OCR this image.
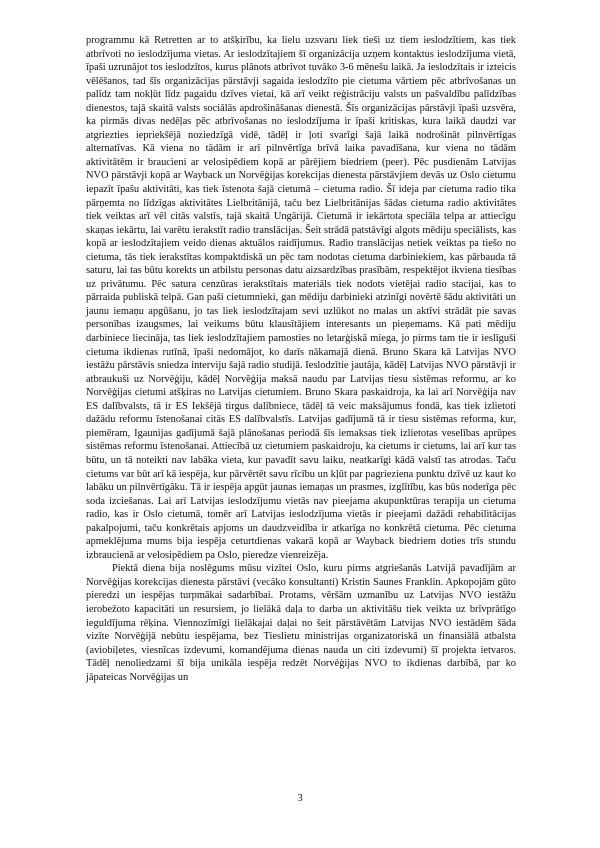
programmu kā Retretten ar to atšķirību, ka lielu uzsvaru liek tieši uz tiem ieslodzītiem, kas tiek atbrīvoti no ieslodzījuma vietas. Ar ieslodzītajiem šī organizācija uzņem kontaktus ieslodzījuma vietā, īpaši uzrunājot tos ieslodzītos, kurus plānots atbrīvot tuvāko 3-6 mēnešu laikā. Ja ieslodzītais ir izteicis vēlēšanos, tad šīs organizācijas pārstāvji sagaida ieslodzīto pie cietuma vārtiem pēc atbrīvošanas un palīdz tam nokļūt līdz pagaidu dzīves vietai, kā arī veikt reģistrāciju valsts un pašvaldību palīdzības dienestos, tajā skaitā valsts sociālās apdrošināšanas dienestā. Šīs organizācijas pārstāvji īpaši uzsvēra, ka pirmās divas nedēļas pēc atbrīvošanas no ieslodzījuma ir īpaši kritiskas, kura laikā daudzi var atgriezties iepriekšējā noziedzīgā vidē, tādēļ ir ļoti svarīgi šajā laikā nodrošināt pilnvērtīgas alternatīvas. Kā viena no tādām ir arī pilnvērtīga brīvā laika pavadīšana, kur viena no tādām aktivitātēm ir braucieni ar velosipēdiem kopā ar pārējiem biedriem (peer). Pēc pusdienām Latvijas NVO pārstāvji kopā ar Wayback un Norvēģijas korekcijas dienesta pārstāvjiem devās uz Oslo cietumu iepazīt īpašu aktivitāti, kas tiek īstenota šajā cietumā – cietuma radio. Šī ideja par cietuma radio tika pārņemta no līdzīgas aktivitātes Lielbritānijā, taču bez Lielbritānijas šādas cietuma radio aktivitātes tiek veiktas arī vēl citās valstīs, tajā skaitā Ungārijā. Cietumā ir iekārtota speciāla telpa ar attiecīgu skaņas iekārtu, lai varētu ierakstīt radio translācijas. Šeit strādā patstāvīgi algots mēdiju speciālists, kas kopā ar ieslodzītajiem veido dienas aktuālos raidījumus. Radio translācijas netiek veiktas pa tiešo no cietuma, tās tiek ierakstītas kompaktdiskā un pēc tam nodotas cietuma darbiniekiem, kas pārbauda tā saturu, lai tas būtu korekts un atbilstu personas datu aizsardzības prasībām, respektējot ikviena tiesības uz privātumu. Pēc satura cenzūras ierakstītais materiāls tiek nodots vietējai radio stacijai, kas to pārraida publiskā telpā. Gan paši cietumnieki, gan mēdiju darbinieki atzinīgi novērtē šādu aktivitāti un jaunu iemaņu apgūšanu, jo tas liek ieslodzītajam sevi uzlūkot no malas un aktīvi strādāt pie savas personības izaugsmes, lai veikums būtu klausītājiem interesants un pieņemams. Kā pati mēdiju darbiniece liecināja, tas liek ieslodzītajiem pamosties no letarģiskā miega, jo pirms tam tie ir ieslīguši cietuma ikdienas rutīnā, īpaši nedomājot, ko darīs nākamajā dienā. Bruno Skara kā Latvijas NVO iestāžu pārstāvis sniedza interviju šajā radio studijā. Ieslodzītie jautāja, kādēļ Latvijas NVO pārstāvji ir atbraukuši uz Norvēģiju, kādēļ Norvēģija maksā naudu par Latvijas tiesu sistēmas reformu, ar ko Norvēģijas cietumi atšķiras no Latvijas cietumiem. Bruno Skara paskaidroja, ka lai arī Norvēģija nav ES dalībvalsts, tā ir ES Iekšējā tirgus dalībniece, tādēļ tā veic maksājumus fondā, kas tiek izlietoti dažādu reformu īstenošanai citās ES dalībvalstīs. Latvijas gadījumā tā ir tiesu sistēmas reforma, kur, piemēram, Igaunijas gadījumā šajā plānošanas periodā šīs iemaksas tiek izlietotas veselības aprūpes sistēmas reformu īstenošanai. Attiecībā uz cietumiem paskaidroju, ka cietums ir cietums, lai arī kur tas būtu, un tā noteikti nav labāka vieta, kur pavadīt savu laiku, neatkarīgi kādā valstī tas atrodas. Taču cietums var būt arī kā iespēja, kur pārvērtēt savu rīcību un kļūt par pagrieziena punktu dzīvē uz kaut ko labāku un pilnvērtīgāku. Tā ir iespēja apgūt jaunas iemaņas un prasmes, izglītību, kas būs noderīga pēc soda izciešanas. Lai arī Latvijas ieslodzījumu vietās nav pieejama akupunktūras terapija un cietuma radio, kas ir Oslo cietumā, tomēr arī Latvijas ieslodzījuma vietās ir pieejami dažādi rehabilitācijas pakalpojumi, taču konkrētais apjoms un daudzveidība ir atkarīga no konkrētā cietuma. Pēc cietuma apmeklējuma mums bija iespēja ceturtdienas vakarā kopā ar Wayback biedriem doties trīs stundu izbraucienā ar velosipēdiem pa Oslo, pieredze vienreizēja.

Piektā diena bija noslēgums mūsu vizītei Oslo, kuru pirms atgriešanās Latvijā pavadījām ar Norvēģijas korekcijas dienesta pārstāvi (vecāko konsultanti) Kristin Saunes Franklin. Apkopojām gūto pieredzi un iespējas turpmākai sadarbībai. Protams, vēršām uzmanību uz Latvijas NVO iestāžu ierobežoto kapacitāti un resursiem, jo lielākā daļa to darba un aktivitāšu tiek veikta uz brīvprātīgo ieguldījuma rēķina. Viennozīmīgi lielākajai daļai no šeit pārstāvētām Latvijas NVO iestādēm šāda vizīte Norvēģijā nebūtu iespējama, bez Tieslietu ministrijas organizatoriskā un finansiālā atbalsta (aviobiļetes, viesnīcas izdevumi, komandējuma dienas nauda un citi izdevumi) šī projekta ietvaros. Tādēļ nenoliedzami šī bija unikāla iespēja redzēt Norvēģijas NVO to ikdienas darbībā, par ko jāpateicas Norvēģijas un

3
